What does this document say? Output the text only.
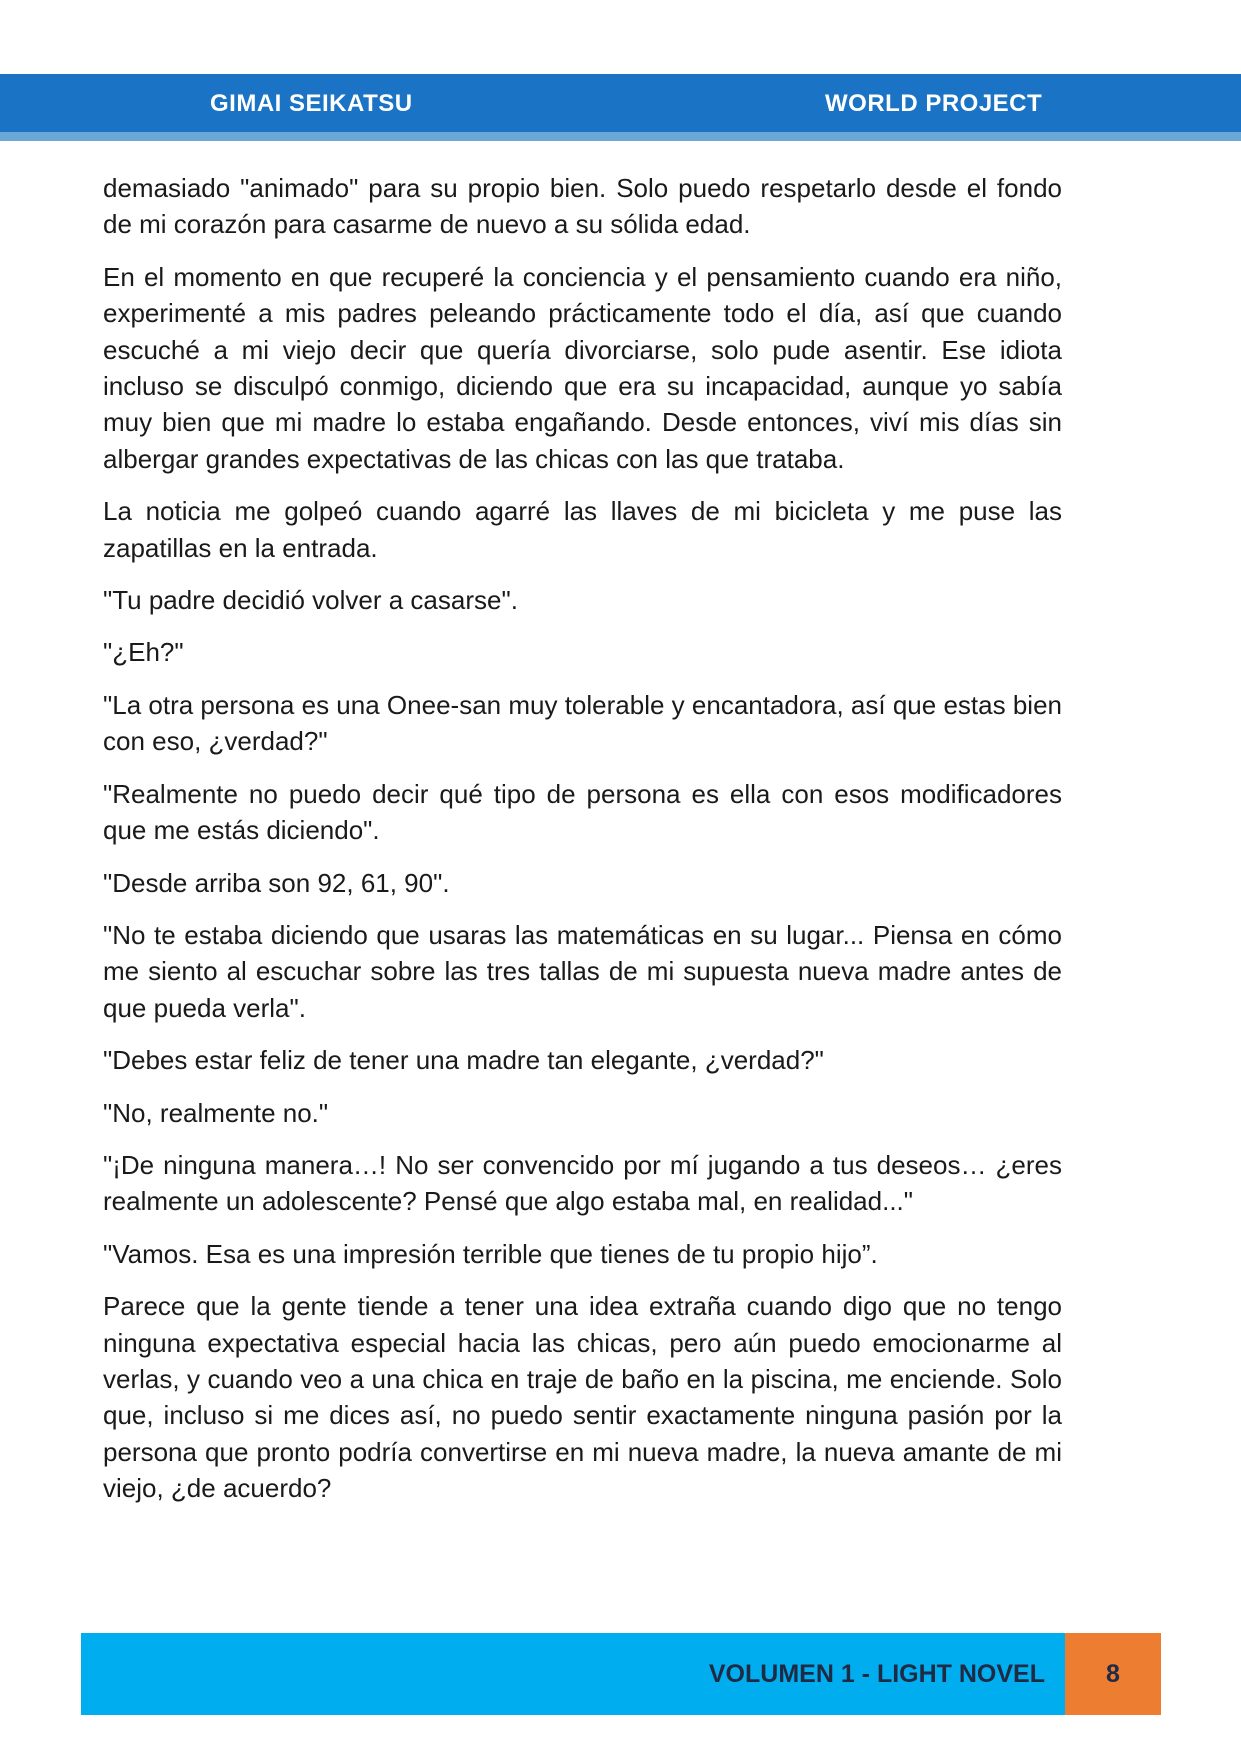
GIMAI SEIKATSU	WORLD PROJECT

demasiado "animado" para su propio bien. Solo puedo respetarlo desde el fondo de mi corazón para casarme de nuevo a su sólida edad.

En el momento en que recuperé la conciencia y el pensamiento cuando era niño, experimenté a mis padres peleando prácticamente todo el día, así que cuando escuché a mi viejo decir que quería divorciarse, solo pude asentir. Ese idiota incluso se disculpó conmigo, diciendo que era su incapacidad, aunque yo sabía muy bien que mi madre lo estaba engañando. Desde entonces, viví mis días sin albergar grandes expectativas de las chicas con las que trataba.

La noticia me golpeó cuando agarré las llaves de mi bicicleta y me puse las zapatillas en la entrada.

"Tu padre decidió volver a casarse".

"¿Eh?"

"La otra persona es una Onee-san muy tolerable y encantadora, así que estas bien con eso, ¿verdad?"

"Realmente no puedo decir qué tipo de persona es ella con esos modificadores que me estás diciendo".

"Desde arriba son 92, 61, 90".

"No te estaba diciendo que usaras las matemáticas en su lugar... Piensa en cómo me siento al escuchar sobre las tres tallas de mi supuesta nueva madre antes de que pueda verla".

"Debes estar feliz de tener una madre tan elegante, ¿verdad?"

"No, realmente no."

"¡De ninguna manera…! No ser convencido por mí jugando a tus deseos… ¿eres realmente un adolescente? Pensé que algo estaba mal, en realidad..."

"Vamos. Esa es una impresión terrible que tienes de tu propio hijo”.

Parece que la gente tiende a tener una idea extraña cuando digo que no tengo ninguna expectativa especial hacia las chicas, pero aún puedo emocionarme al verlas, y cuando veo a una chica en traje de baño en la piscina, me enciende. Solo que, incluso si me dices así, no puedo sentir exactamente ninguna pasión por la persona que pronto podría convertirse en mi nueva madre, la nueva amante de mi viejo, ¿de acuerdo?

VOLUMEN 1 - LIGHT NOVEL	8
